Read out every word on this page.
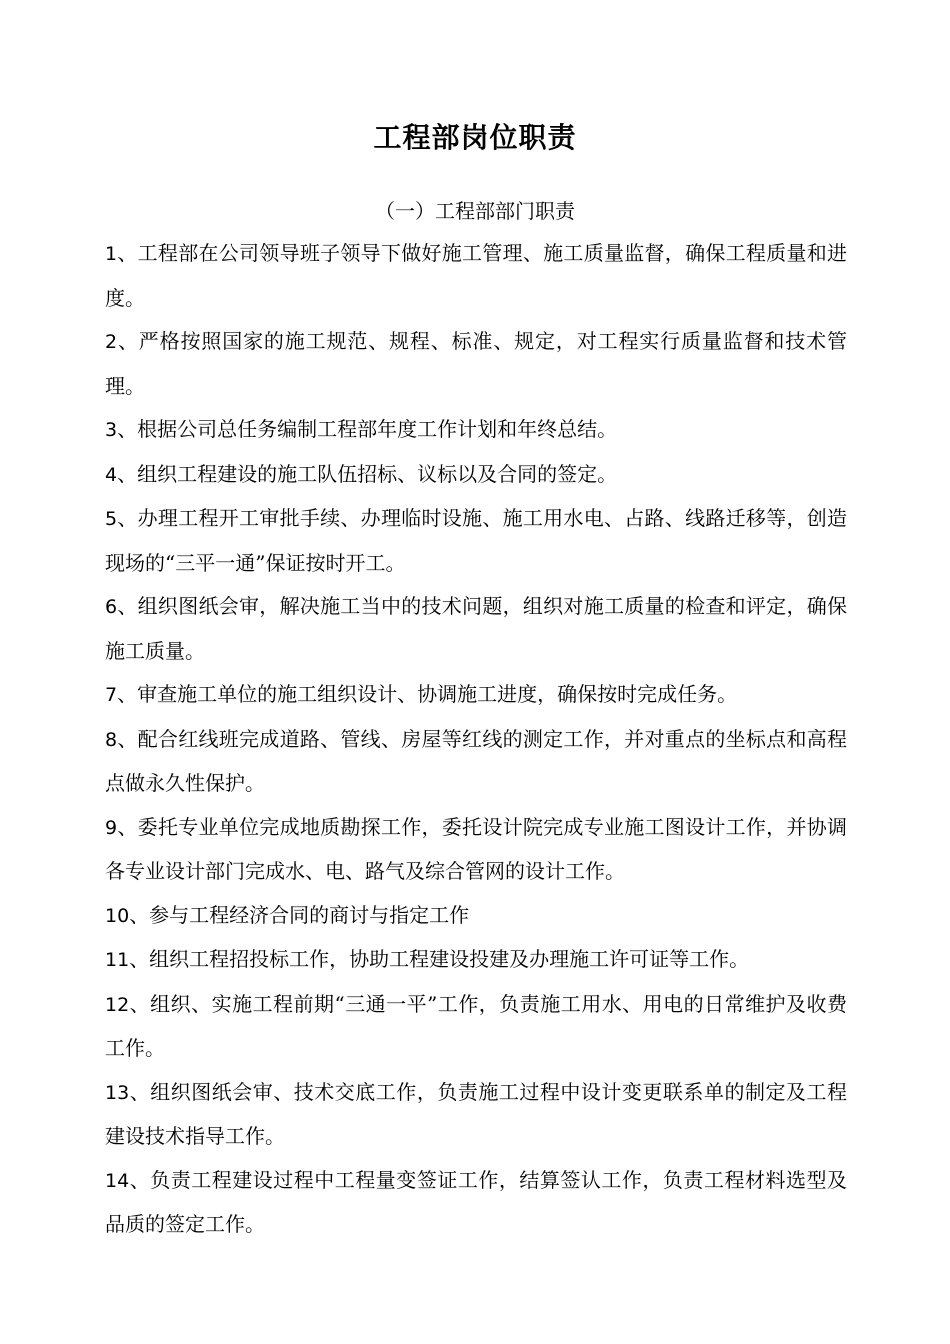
工程部岗位职责
（一）工程部部门职责

1、工程部在公司领导班子领导下做好施工管理、施工质量监督，确保工程质量和进度。

2、严格按照国家的施工规范、规程、标准、规定，对工程实行质量监督和技术管理。

3、根据公司总任务编制工程部年度工作计划和年终总结。

4、组织工程建设的施工队伍招标、议标以及合同的签定。

5、办理工程开工审批手续、办理临时设施、施工用水电、占路、线路迁移等，创造现场的“三平一通”保证按时开工。

6、组织图纸会审，解决施工当中的技术问题，组织对施工质量的检查和评定，确保施工质量。

7、审查施工单位的施工组织设计、协调施工进度，确保按时完成任务。

8、配合红线班完成道路、管线、房屋等红线的测定工作，并对重点的坐标点和高程点做永久性保护。

9、委托专业单位完成地质勘探工作，委托设计院完成专业施工图设计工作，并协调各专业设计部门完成水、电、路气及综合管网的设计工作。

10、参与工程经济合同的商讨与指定工作

11、组织工程招投标工作，协助工程建设投建及办理施工许可证等工作。

12、组织、实施工程前期“三通一平”工作，负责施工用水、用电的日常维护及收费工作。

13、组织图纸会审、技术交底工作，负责施工过程中设计变更联系单的制定及工程建设技术指导工作。

14、负责工程建设过程中工程量变签证工作，结算签认工作，负责工程材料选型及品质的签定工作。
